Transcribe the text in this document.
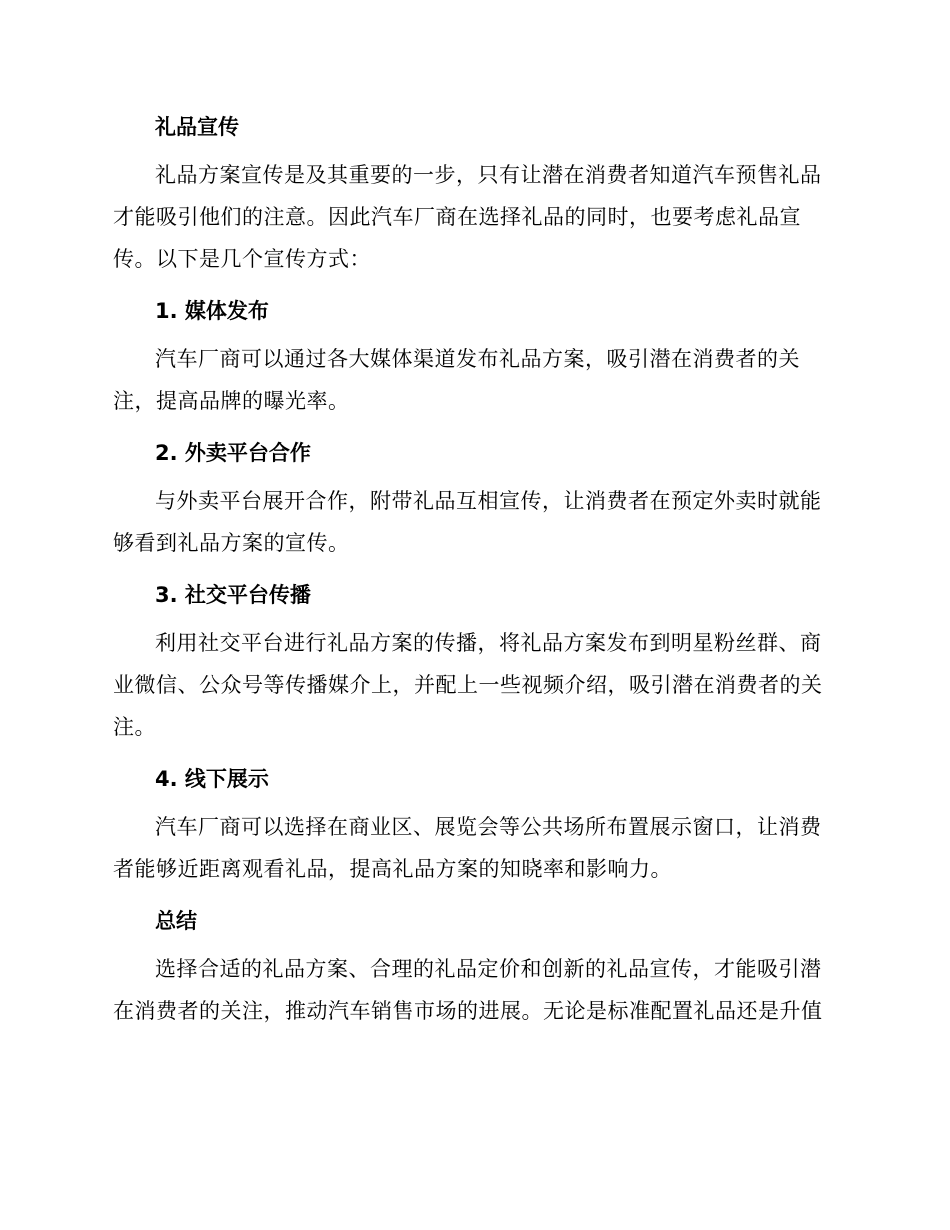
礼品宣传
礼品方案宣传是及其重要的一步，只有让潜在消费者知道汽车预售礼品才能吸引他们的注意。因此汽车厂商在选择礼品的同时，也要考虑礼品宣传。以下是几个宣传方式：
1. 媒体发布
汽车厂商可以通过各大媒体渠道发布礼品方案，吸引潜在消费者的关注，提高品牌的曝光率。
2. 外卖平台合作
与外卖平台展开合作，附带礼品互相宣传，让消费者在预定外卖时就能够看到礼品方案的宣传。
3. 社交平台传播
利用社交平台进行礼品方案的传播，将礼品方案发布到明星粉丝群、商业微信、公众号等传播媒介上，并配上一些视频介绍，吸引潜在消费者的关注。
4. 线下展示
汽车厂商可以选择在商业区、展览会等公共场所布置展示窗口，让消费者能够近距离观看礼品，提高礼品方案的知晓率和影响力。
总结
选择合适的礼品方案、合理的礼品定价和创新的礼品宣传，才能吸引潜在消费者的关注，推动汽车销售市场的进展。无论是标准配置礼品还是升值
